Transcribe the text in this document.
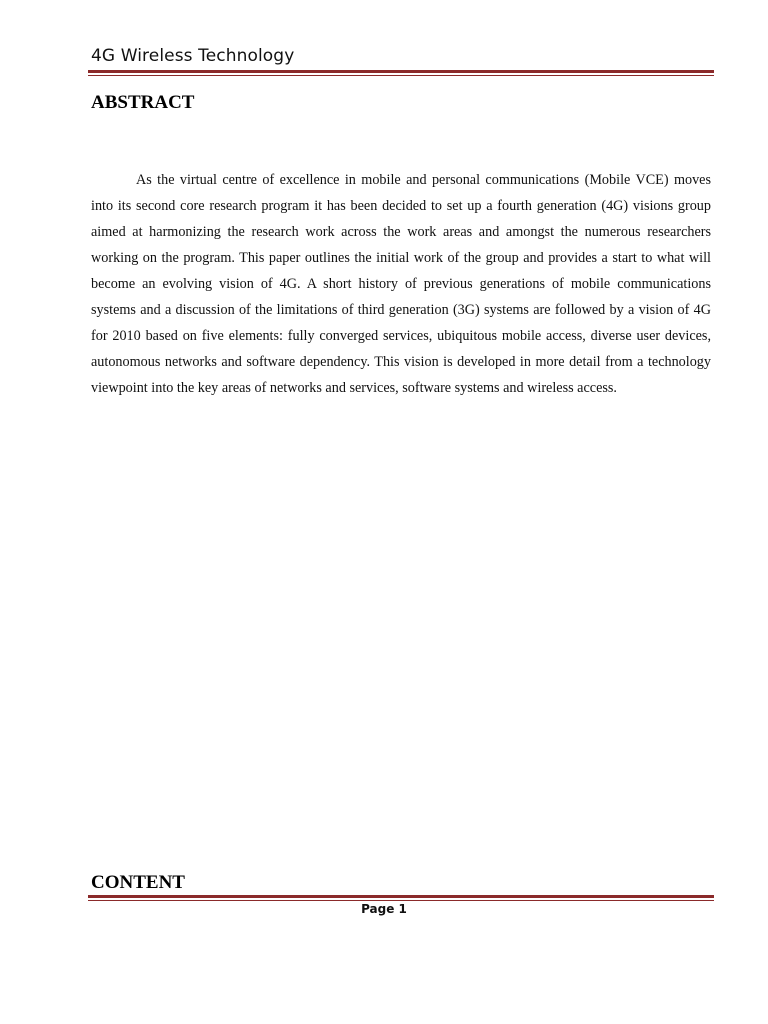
4G Wireless Technology
ABSTRACT

As the virtual centre of excellence in mobile and personal communications (Mobile VCE) moves into its second core research program it has been decided to set up a fourth generation (4G) visions group aimed at harmonizing the research work across the work areas and amongst the numerous researchers working on the program. This paper outlines the initial work of the group and provides a start to what will become an evolving vision of 4G. A short history of previous generations of mobile communications systems and a discussion of the limitations of third generation (3G) systems are followed by a vision of 4G for 2010 based on five elements: fully converged services, ubiquitous mobile access, diverse user devices, autonomous networks and software dependency. This vision is developed in more detail from a technology viewpoint into the key areas of networks and services, software systems and wireless access.

CONTENT
Page 1
